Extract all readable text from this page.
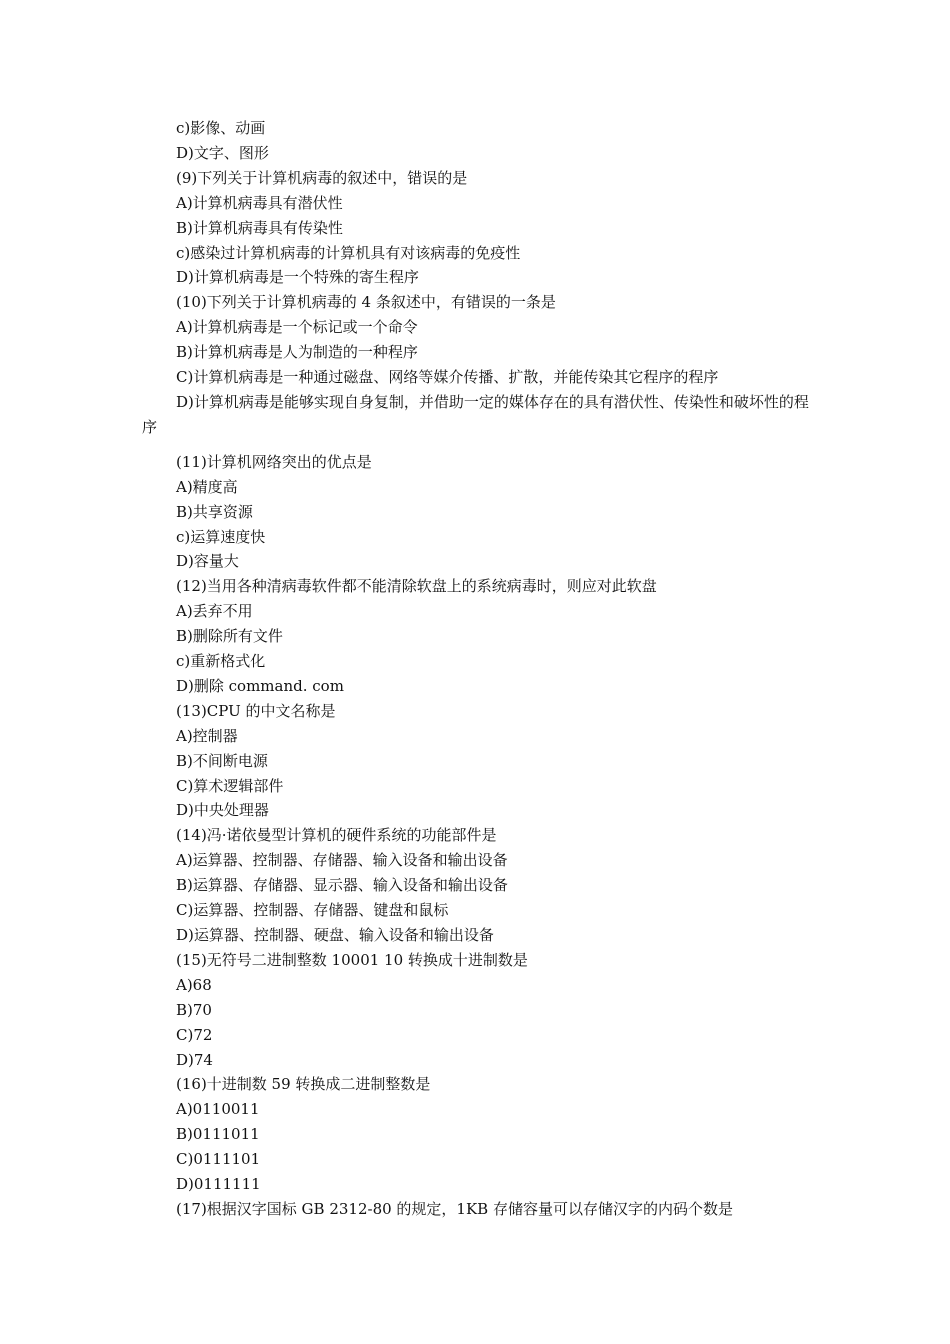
c)影像、动画

D)文字、图形

(9)下列关于计算机病毒的叙述中，错误的是

A)计算机病毒具有潜伏性

B)计算机病毒具有传染性

c)感染过计算机病毒的计算机具有对该病毒的免疫性

D)计算机病毒是一个特殊的寄生程序

(10)下列关于计算机病毒的 4 条叙述中，有错误的一条是

A)计算机病毒是一个标记或一个命令

B)计算机病毒是人为制造的一种程序

C)计算机病毒是一种通过磁盘、网络等媒介传播、扩散，并能传染其它程序的程序

D)计算机病毒是能够实现自身复制，并借助一定的媒体存在的具有潜伏性、传染性和破坏性的程序

(11)计算机网络突出的优点是

A)精度高

B)共享资源

c)运算速度快

D)容量大

(12)当用各种清病毒软件都不能清除软盘上的系统病毒时，则应对此软盘

A)丢弃不用

B)删除所有文件

c)重新格式化

D)删除 command. com

(13)CPU 的中文名称是

A)控制器

B)不间断电源

C)算术逻辑部件

D)中央处理器

(14)冯·诺依曼型计算机的硬件系统的功能部件是

A)运算器、控制器、存储器、输入设备和输出设备

B)运算器、存储器、显示器、输入设备和输出设备

C)运算器、控制器、存储器、键盘和鼠标

D)运算器、控制器、硬盘、输入设备和输出设备

(15)无符号二进制整数 10001 10 转换成十进制数是

A)68

B)70

C)72

D)74

(16)十进制数 59 转换成二进制整数是

A)0110011

B)0111011

C)0111101

D)0111111

(17)根据汉字国标 GB 2312-80 的规定，1KB 存储容量可以存储汉字的内码个数是
